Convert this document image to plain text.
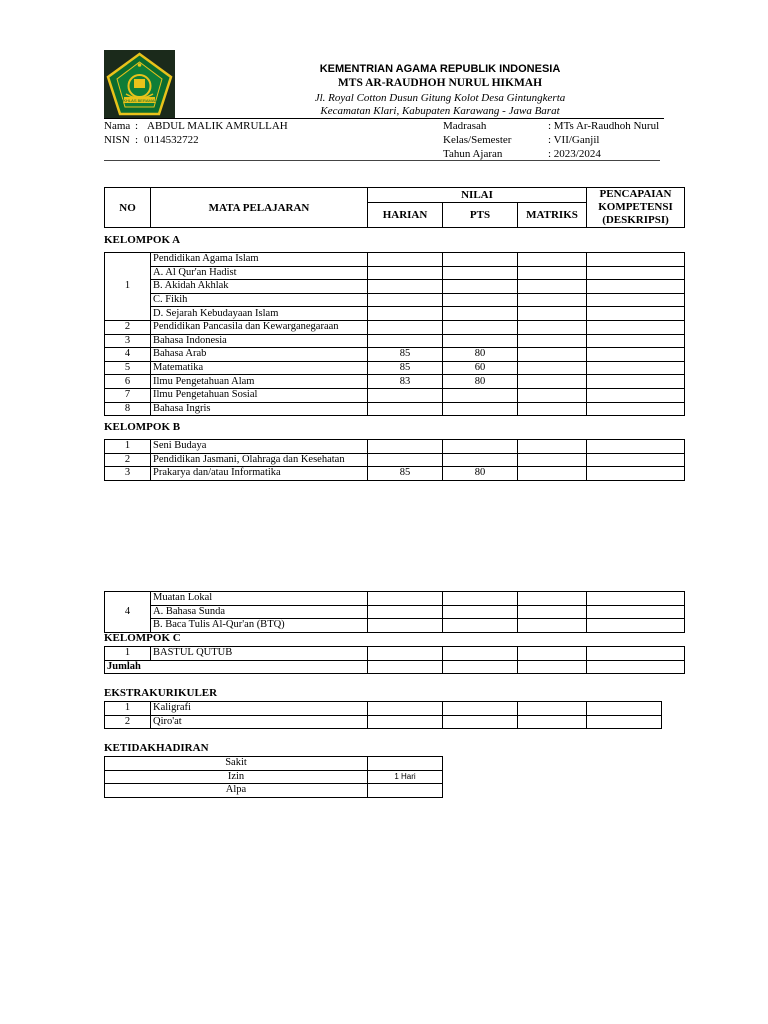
IKHLAS BERAMAL
KEMENTRIAN AGAMA REPUBLIK INDONESIA
MTS AR-RAUDHOH NURUL HIKMAH
Jl. Royal Cotton Dusun Gitung Kolot Desa Gintungkerta
Kecamatan Klari, Kabupaten Karawang - Jawa Barat
Nama : ABDUL MALIK AMRULLAH
NISN : 0114532722
Madrasah	: MTs Ar-Raudhoh Nurul
Kelas/Semester	: VII/Ganjil
Tahun Ajaran	: 2023/2024
NO	MATA PELAJARAN	NILAI			PENCAPAIAN
KOMPETENSI
(DESKRIPSI)

		HARIAN	PTS	MATRIKS	
KELOMPOK A
1	Pendidikan Agama Islam				
	A. Al Qur'an Hadist				
	B. Akidah Akhlak				
	C. Fikih				
	D. Sejarah Kebudayaan Islam				
2	Pendidikan Pancasila dan Kewarganegaraan				
3	Bahasa Indonesia				
4	Bahasa Arab	85	80		
5	Matematika	85	60		
6	Ilmu Pengetahuan Alam	83	80		
7	Ilmu Pengetahuan Sosial				
8	Bahasa Ingris				
KELOMPOK B
1	Seni Budaya				
2	Pendidikan Jasmani, Olahraga dan Kesehatan				
3	Prakarya dan/atau Informatika	85	80		
4	Muatan Lokal				
	A. Bahasa Sunda				
	B. Baca Tulis Al-Qur'an (BTQ)				
KELOMPOK C
1	BASTUL QUTUB				
Jumlah					
EKSTRAKURIKULER
1	Kaligrafi				
2	Qiro'at				
KETIDAKHADIRAN
Sakit	
Izin	1 Hari
Alpa	
